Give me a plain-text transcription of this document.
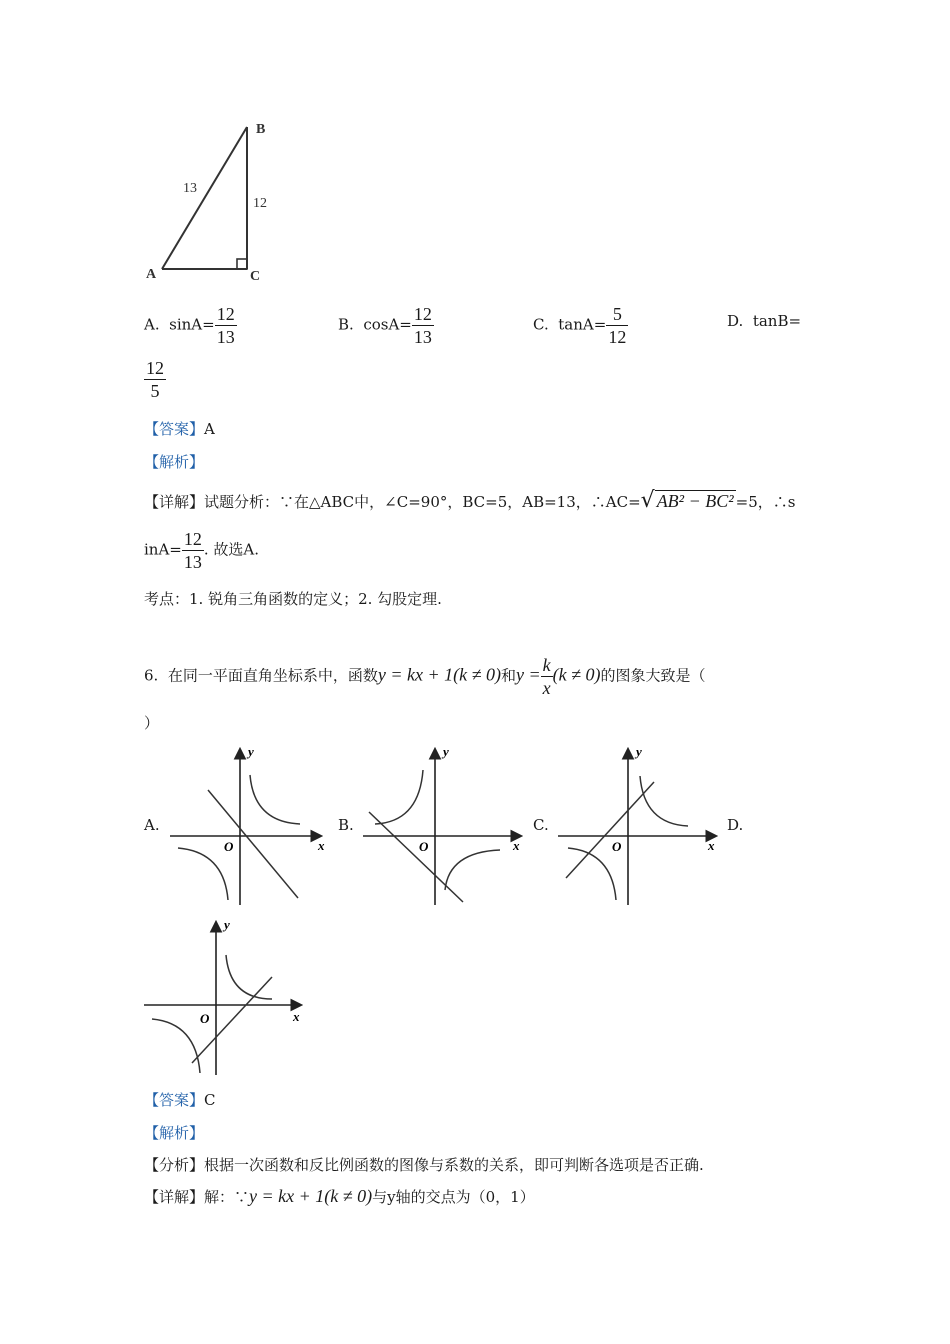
A
B
C
13
12
A. $\sin A= \frac{12}{13}$	B. $\cos A= \frac{12}{13}$	C. $\tan A= \frac{5}{12}$	D. tanB=
$\frac{12}{5}$
【答案】A
【解析】
【详解】试题分析：∵在△ABC中，∠C=90°，BC=5，AB=13，∴AC=√ AB² − BC² =5，∴s
$inA= \frac{12}{13}$ . 故选A.
考点：1. 锐角三角函数的定义；2. 勾股定理.
6. 在同一平面直角坐标系中，函数y = kx + 1(k ≠ 0)和$y = \frac{k}{x} (k \ne 0)$的图象大致是（
）
A.	B.	C.	D.
y
x
O
y
x
O
y
x
O
y
x
O
【答案】C
【解析】
【分析】根据一次函数和反比例函数的图像与系数的关系，即可判断各选项是否正确.
【详解】解：∵y = kx + 1(k ≠ 0)与y轴的交点为（0，1）
